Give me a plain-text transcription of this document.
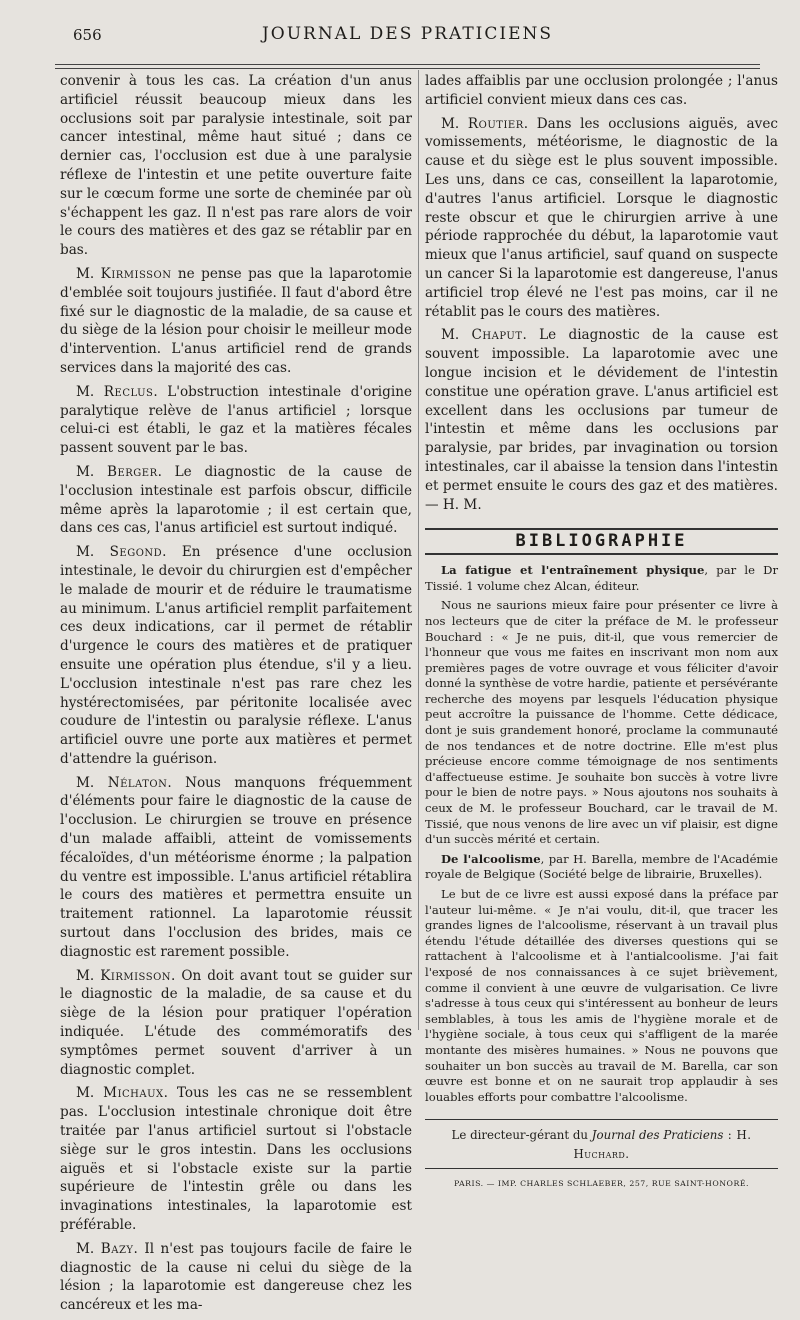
656	JOURNAL DES PRATICIENS

convenir à tous les cas. La création d'un anus artificiel réussit beaucoup mieux dans les occlusions soit par paralysie intestinale, soit par cancer intestinal, même haut situé ; dans ce dernier cas, l'occlusion est due à une paralysie réflexe de l'intestin et une petite ouverture faite sur le cœcum forme une sorte de cheminée par où s'échappent les gaz. Il n'est pas rare alors de voir le cours des matières et des gaz se rétablir par en bas.

M. Kirmisson ne pense pas que la laparotomie d'emblée soit toujours justifiée. Il faut d'abord être fixé sur le diagnostic de la maladie, de sa cause et du siège de la lésion pour choisir le meilleur mode d'intervention. L'anus artificiel rend de grands services dans la majorité des cas.

M. Reclus. L'obstruction intestinale d'origine paralytique relève de l'anus artificiel ; lorsque celui-ci est établi, le gaz et la matières fécales passent souvent par le bas.

M. Berger. Le diagnostic de la cause de l'occlusion intestinale est parfois obscur, difficile même après la laparotomie ; il est certain que, dans ces cas, l'anus artificiel est surtout indiqué.

M. Segond. En présence d'une occlusion intestinale, le devoir du chirurgien est d'empêcher le malade de mourir et de réduire le traumatisme au minimum. L'anus artificiel remplit parfaitement ces deux indications, car il permet de rétablir d'urgence le cours des matières et de pratiquer ensuite une opération plus étendue, s'il y a lieu. L'occlusion intestinale n'est pas rare chez les hystérectomisées, par péritonite localisée avec coudure de l'intestin ou paralysie réflexe. L'anus artificiel ouvre une porte aux matières et permet d'attendre la guérison.

M. Nélaton. Nous manquons fréquemment d'éléments pour faire le diagnostic de la cause de l'occlusion. Le chirurgien se trouve en présence d'un malade affaibli, atteint de vomissements fécaloïdes, d'un météorisme énorme ; la palpation du ventre est impossible. L'anus artificiel rétablira le cours des matières et permettra ensuite un traitement rationnel. La laparotomie réussit surtout dans l'occlusion des brides, mais ce diagnostic est rarement possible.

M. Kirmisson. On doit avant tout se guider sur le diagnostic de la maladie, de sa cause et du siège de la lésion pour pratiquer l'opération indiquée. L'étude des commémoratifs des symptômes permet souvent d'arriver à un diagnostic complet.

M. Michaux. Tous les cas ne se ressemblent pas. L'occlusion intestinale chronique doit être traitée par l'anus artificiel surtout si l'obstacle siège sur le gros intestin. Dans les occlusions aiguës et si l'obstacle existe sur la partie supérieure de l'intestin grêle ou dans les invaginations intestinales, la laparotomie est préférable.

M. Bazy. Il n'est pas toujours facile de faire le diagnostic de la cause ni celui du siège de la lésion ; la laparotomie est dangereuse chez les cancéreux et les ma-

lades affaiblis par une occlusion prolongée ; l'anus artificiel convient mieux dans ces cas.

M. Routier. Dans les occlusions aiguës, avec vomissements, météorisme, le diagnostic de la cause et du siège est le plus souvent impossible. Les uns, dans ce cas, conseillent la laparotomie, d'autres l'anus artificiel. Lorsque le diagnostic reste obscur et que le chirurgien arrive à une période rapprochée du début, la laparotomie vaut mieux que l'anus artificiel, sauf quand on suspecte un cancer Si la laparotomie est dangereuse, l'anus artificiel trop élevé ne l'est pas moins, car il ne rétablit pas le cours des matières.

M. Chaput. Le diagnostic de la cause est souvent impossible. La laparotomie avec une longue incision et le dévidement de l'intestin constitue une opération grave. L'anus artificiel est excellent dans les occlusions par tumeur de l'intestin et même dans les occlusions par paralysie, par brides, par invagination ou torsion intestinales, car il abaisse la tension dans l'intestin et permet ensuite le cours des gaz et des matières. — H. M.

BIBLIOGRAPHIE

La fatigue et l'entraînement physique, par le Dr Tissié. 1 volume chez Alcan, éditeur.

Nous ne saurions mieux faire pour présenter ce livre à nos lecteurs que de citer la préface de M. le professeur Bouchard : « Je ne puis, dit-il, que vous remercier de l'honneur que vous me faites en inscrivant mon nom aux premières pages de votre ouvrage et vous féliciter d'avoir donné la synthèse de votre hardie, patiente et persévérante recherche des moyens par lesquels l'éducation physique peut accroître la puissance de l'homme. Cette dédicace, dont je suis grandement honoré, proclame la communauté de nos tendances et de notre doctrine. Elle m'est plus précieuse encore comme témoignage de nos sentiments d'affectueuse estime. Je souhaite bon succès à votre livre pour le bien de notre pays. » Nous ajoutons nos souhaits à ceux de M. le professeur Bouchard, car le travail de M. Tissié, que nous venons de lire avec un vif plaisir, est digne d'un succès mérité et certain.

De l'alcoolisme, par H. Barella, membre de l'Académie royale de Belgique (Société belge de librairie, Bruxelles).

Le but de ce livre est aussi exposé dans la préface par l'auteur lui-même. « Je n'ai voulu, dit-il, que tracer les grandes lignes de l'alcoolisme, réservant à un travail plus étendu l'étude détaillée des diverses questions qui se rattachent à l'alcoolisme et à l'antialcoolisme. J'ai fait l'exposé de nos connaissances à ce sujet brièvement, comme il convient à une œuvre de vulgarisation. Ce livre s'adresse à tous ceux qui s'intéressent au bonheur de leurs semblables, à tous les amis de l'hygiène morale et de l'hygiène sociale, à tous ceux qui s'affligent de la marée montante des misères humaines. » Nous ne pouvons que souhaiter un bon succès au travail de M. Barella, car son œuvre est bonne et on ne saurait trop applaudir à ses louables efforts pour combattre l'alcoolisme.

Le directeur-gérant du Journal des Praticiens : H. Huchard.

PARIS. — IMP. CHARLES SCHLAEBER, 257, RUE SAINT-HONORÉ.
